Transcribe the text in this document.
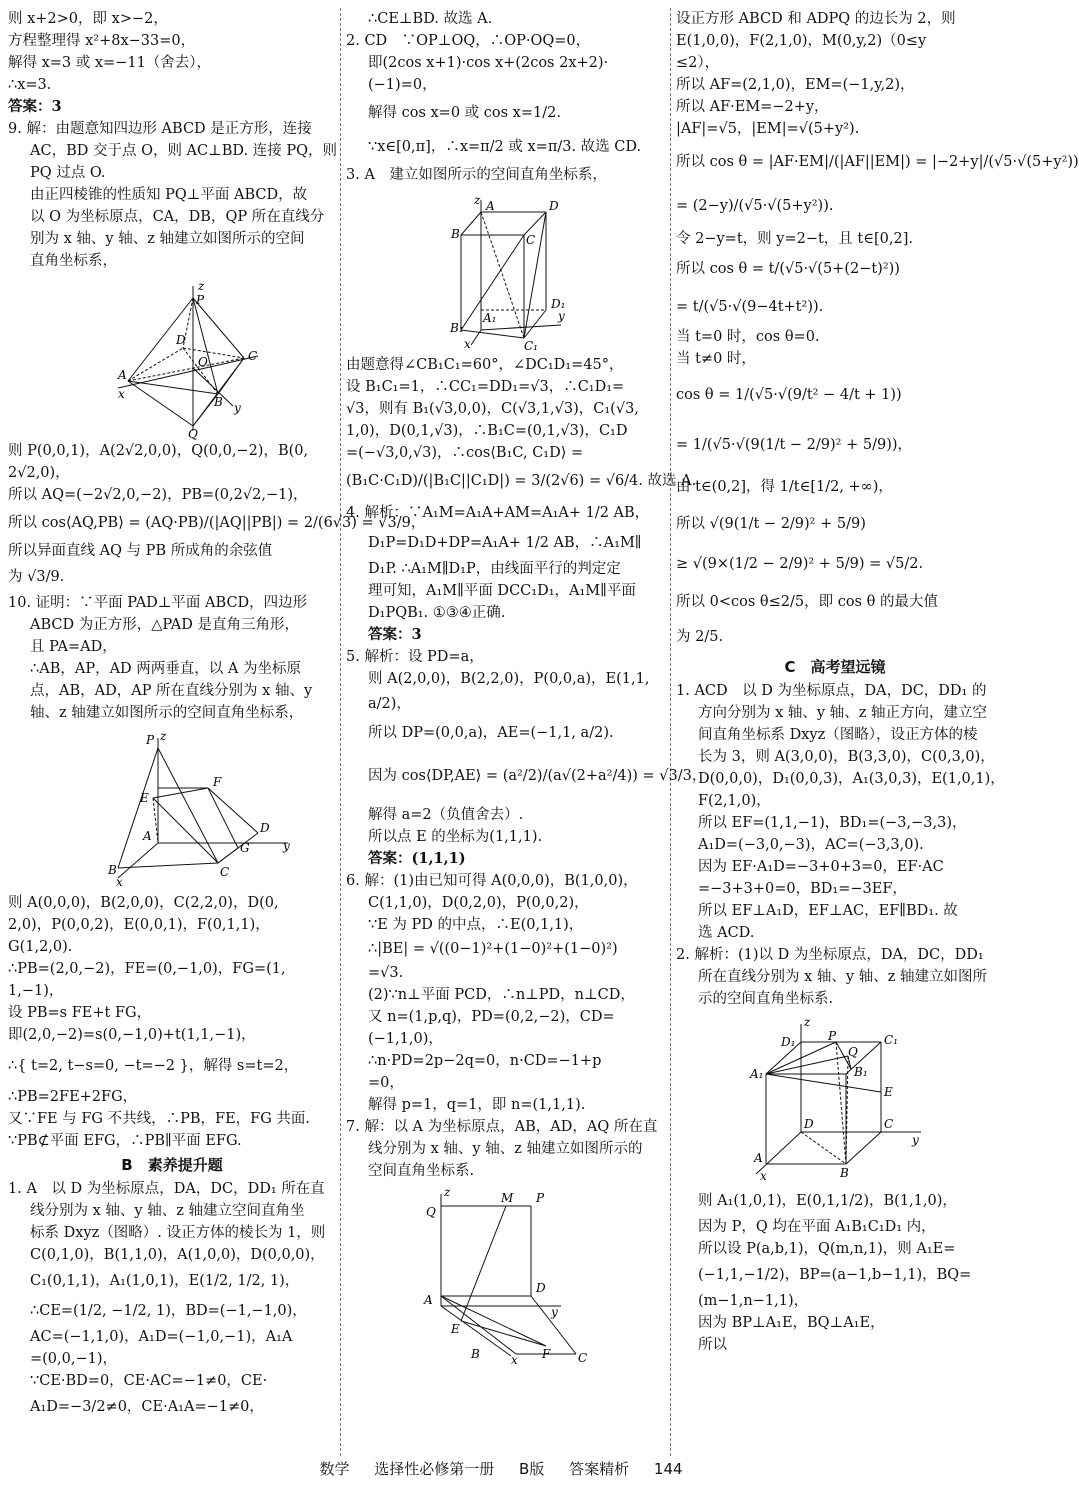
则 x+2>0，即 x>−2，

方程整理得 x²+8x−33=0，

解得 x=3 或 x=−11（舍去），

∴x=3.

答案：3

9. 解：由题意知四边形 ABCD 是正方形，连接

AC，BD 交于点 O，则 AC⊥BD. 连接 PQ，则

PQ 过点 O.

由正四棱锥的性质知 PQ⊥平面 ABCD，故

以 O 为坐标原点，CA，DB，QP 所在直线分

别为 x 轴、y 轴、z 轴建立如图所示的空间

直角坐标系，

z
P
C
D
O
A
x
B y
Q

则 P(0,0,1)，A(2√2,0,0)，Q(0,0,−2)，B(0,

2√2,0)，

所以 AQ=(−2√2,0,−2)，PB=(0,2√2,−1)，

所以 cos⟨AQ,PB⟩ = (AQ·PB)/(|AQ||PB|) = 2/(6√3) = √3/9，

所以异面直线 AQ 与 PB 所成角的余弦值

为 √3/9.

10. 证明：∵平面 PAD⊥平面 ABCD，四边形

ABCD 为正方形，△PAD 是直角三角形，

且 PA=AD，

∴AB，AP，AD 两两垂直，以 A 为坐标原

点，AB，AD，AP 所在直线分别为 x 轴、y

轴、z 轴建立如图所示的空间直角坐标系，

z
P
F
E
A
D
y
G
B	C
x

则 A(0,0,0)，B(2,0,0)，C(2,2,0)，D(0,

2,0)，P(0,0,2)，E(0,0,1)，F(0,1,1)，

G(1,2,0).

∴PB=(2,0,−2)，FE=(0,−1,0)，FG=(1,

1,−1)，

设 PB=s FE+t FG，

即(2,0,−2)=s(0,−1,0)+t(1,1,−1)，

∴{ t=2, t−s=0, −t=−2 }，解得 s=t=2，

∴PB=2FE+2FG，

又∵FE 与 FG 不共线，∴PB，FE，FG 共面.

∵PB⊄平面 EFG，∴PB∥平面 EFG.

B　素养提升题

1. A　以 D 为坐标原点，DA，DC，DD₁ 所在直

线分别为 x 轴、y 轴、z 轴建立空间直角坐

标系 Dxyz（图略）. 设正方体的棱长为 1，则

C(0,1,0)，B(1,1,0)，A(1,0,0)，D(0,0,0)，

C₁(0,1,1)，A₁(1,0,1)，E(1/2, 1/2, 1)，

∴CE=(1/2, −1/2, 1)，BD=(−1,−1,0)，

AC=(−1,1,0)，A₁D=(−1,0,−1)，A₁A

=(0,0,−1)，

∵CE·BD=0，CE·AC=−1≠0，CE·

A₁D=−3/2≠0，CE·A₁A=−1≠0，

∴CE⊥BD. 故选 A.

2. CD　∵OP⊥OQ，∴OP·OQ=0，

即(2cos x+1)·cos x+(2cos 2x+2)·

(−1)=0，

解得 cos x=0 或 cos x=1/2.

∵x∈[0,π]，∴x=π/2 或 x=π/3. 故选 CD.

3. A　建立如图所示的空间直角坐标系，

z A	D
B	C
D₁
y
A₁
B₁
C₁
x

由题意得∠CB₁C₁=60°，∠DC₁D₁=45°，

设 B₁C₁=1，∴CC₁=DD₁=√3，∴C₁D₁=

√3，则有 B₁(√3,0,0)，C(√3,1,√3)，C₁(√3,

1,0)，D(0,1,√3)，∴B₁C=(0,1,√3)，C₁D

=(−√3,0,√3)，∴cos⟨B₁C, C₁D⟩ =

(B₁C·C₁D)/(|B₁C||C₁D|) = 3/(2√6) = √6/4. 故选 A.

4. 解析：∵A₁M=A₁A+AM=A₁A+ 1/2 AB，

D₁P=D₁D+DP=A₁A+ 1/2 AB，∴A₁M∥

D₁P. ∴A₁M∥D₁P，由线面平行的判定定

理可知，A₁M∥平面 DCC₁D₁，A₁M∥平面

D₁PQB₁. ①③④正确.

答案：3

5. 解析：设 PD=a，

则 A(2,0,0)，B(2,2,0)，P(0,0,a)，E(1,1,

a/2)，

所以 DP=(0,0,a)，AE=(−1,1, a/2).

因为 cos⟨DP,AE⟩ = (a²/2)/(a√(2+a²/4)) = √3/3，

解得 a=2（负值舍去）.

所以点 E 的坐标为(1,1,1).

答案：(1,1,1)

6. 解：(1)由已知可得 A(0,0,0)，B(1,0,0)，

C(1,1,0)，D(0,2,0)，P(0,0,2)，

∵E 为 PD 的中点，∴E(0,1,1)，

∴|BE| = √((0−1)²+(1−0)²+(1−0)²)

=√3.

(2)∵n⊥平面 PCD，∴n⊥PD，n⊥CD，

又 n=(1,p,q)，PD=(0,2,−2)，CD=

(−1,1,0)，

∴n·PD=2p−2q=0，n·CD=−1+p

=0，

解得 p=1，q=1，即 n=(1,1,1).

7. 解：以 A 为坐标原点，AB，AD，AQ 所在直

线分别为 x 轴、y 轴、z 轴建立如图所示的

空间直角坐标系.

z
Q
M P
A
D
y
E
B	x F C

设正方形 ABCD 和 ADPQ 的边长为 2，则

E(1,0,0)，F(2,1,0)，M(0,y,2)（0≤y

≤2），

所以 AF=(2,1,0)，EM=(−1,y,2)，

所以 AF·EM=−2+y，

|AF|=√5，|EM|=√(5+y²).

所以 cos θ = |AF·EM|/(|AF||EM|) = |−2+y|/(√5·√(5+y²))

= (2−y)/(√5·√(5+y²)).

令 2−y=t，则 y=2−t，且 t∈[0,2].

所以 cos θ = t/(√5·√(5+(2−t)²))

= t/(√5·√(9−4t+t²)).

当 t=0 时，cos θ=0.

当 t≠0 时，

cos θ = 1/(√5·√(9/t² − 4/t + 1))

= 1/(√5·√(9(1/t − 2/9)² + 5/9))，

由 t∈(0,2]，得 1/t∈[1/2, +∞)，

所以 √(9(1/t − 2/9)² + 5/9)

≥ √(9×(1/2 − 2/9)² + 5/9) = √5/2.

所以 0<cos θ≤2/5，即 cos θ 的最大值

为 2/5.

C　高考望远镜

1. ACD　以 D 为坐标原点，DA，DC，DD₁ 的

方向分别为 x 轴、y 轴、z 轴正方向，建立空

间直角坐标系 Dxyz（图略），设正方体的棱

长为 3，则 A(3,0,0)，B(3,3,0)，C(0,3,0)，

D(0,0,0)，D₁(0,0,3)，A₁(3,0,3)，E(1,0,1)，

F(2,1,0)，

所以 EF=(1,1,−1)，BD₁=(−3,−3,3)，

A₁D=(−3,0,−3)，AC=(−3,3,0).

因为 EF·A₁D=−3+0+3=0，EF·AC

=−3+3+0=0，BD₁=−3EF，

所以 EF⊥A₁D，EF⊥AC，EF∥BD₁. 故

选 ACD.

2. 解析：(1)以 D 为坐标原点，DA，DC，DD₁

所在直线分别为 x 轴、y 轴、z 轴建立如图所

示的空间直角坐标系.

z
D₁	P	C₁
Q
A₁	B₁
E
D	C
y
A
B
x

则 A₁(1,0,1)，E(0,1,1/2)，B(1,1,0)，

因为 P，Q 均在平面 A₁B₁C₁D₁ 内，

所以设 P(a,b,1)，Q(m,n,1)，则 A₁E=

(−1,1,−1/2)，BP=(a−1,b−1,1)，BQ=

(m−1,n−1,1)，

因为 BP⊥A₁E，BQ⊥A₁E，

所以

数学 选择性必修第一册 B版 答案精析 144
